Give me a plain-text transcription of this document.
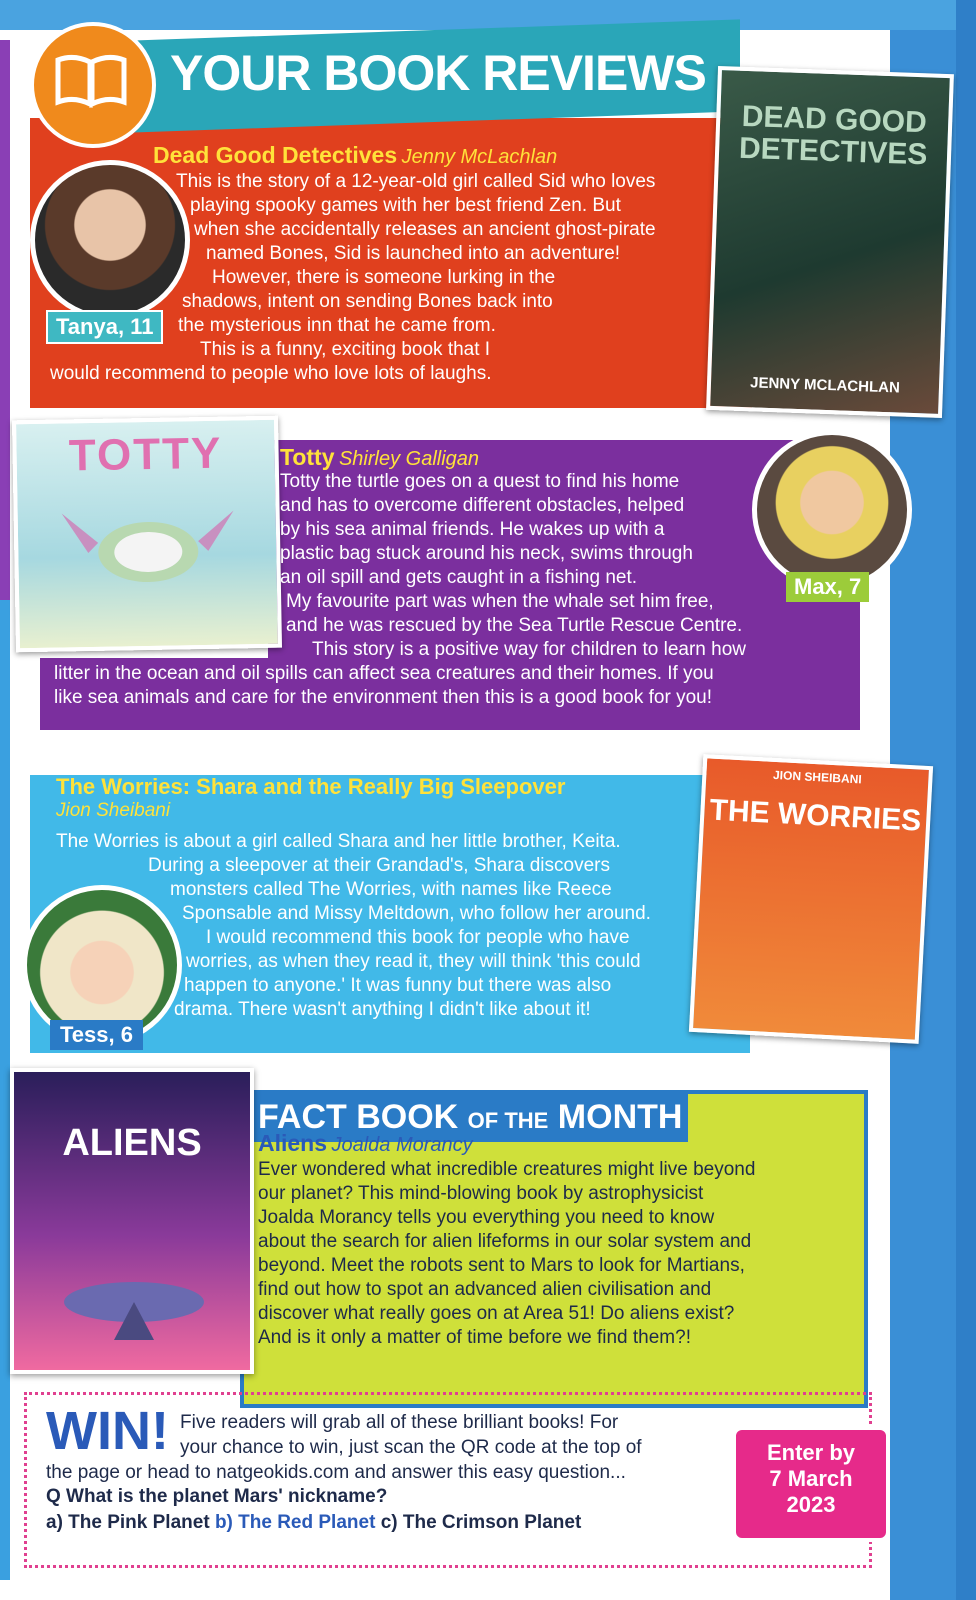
YOUR BOOK REVIEWS
Tanya, 11
Dead Good Detectives Jenny McLachlan
This is the story of a 12-year-old girl called Sid who loves
playing spooky games with her best friend Zen. But
when she accidentally releases an ancient ghost-pirate
named Bones, Sid is launched into an adventure!
However, there is someone lurking in the
shadows, intent on sending Bones back into
the mysterious inn that he came from.
This is a funny, exciting book that I
would recommend to people who love lots of laughs.
DEAD GOOD DETECTIVES
JENNY MCLACHLAN
TOTTY
Max, 7
Totty Shirley Galligan
Totty the turtle goes on a quest to find his home
and has to overcome different obstacles, helped
by his sea animal friends. He wakes up with a
plastic bag stuck around his neck, swims through
an oil spill and gets caught in a fishing net.
My favourite part was when the whale set him free,
and he was rescued by the Sea Turtle Rescue Centre.
This story is a positive way for children to learn how
litter in the ocean and oil spills can affect sea creatures and their homes. If you
like sea animals and care for the environment then this is a good book for you!
The Worries: Shara and the Really Big Sleepover
Jion Sheibani
The Worries is about a girl called Shara and her little brother, Keita.
During a sleepover at their Grandad's, Shara discovers
monsters called The Worries, with names like Reece
Sponsable and Missy Meltdown, who follow her around.
I would recommend this book for people who have
worries, as when they read it, they will think 'this could
happen to anyone.' It was funny but there was also
drama. There wasn't anything I didn't like about it!
Tess, 6
JION SHEIBANI
THE WORRIES
FACT BOOK OF THE MONTH
Aliens Joalda Morancy
Ever wondered what incredible creatures might live beyond
our planet? This mind-blowing book by astrophysicist
Joalda Morancy tells you everything you need to know
about the search for alien lifeforms in our solar system and
beyond. Meet the robots sent to Mars to look for Martians,
find out how to spot an advanced alien civilisation and
discover what really goes on at Area 51! Do aliens exist?
And is it only a matter of time before we find them?!
ALIENS
Five readers will grab all of these brilliant books! For
your chance to win, just scan the QR code at the top of
the page or head to natgeokids.com and answer this easy question...
WIN!
Q What is the planet Mars' nickname?
a) The Pink Planet b) The Red Planet c) The Crimson Planet
Enter by
7 March
2023
